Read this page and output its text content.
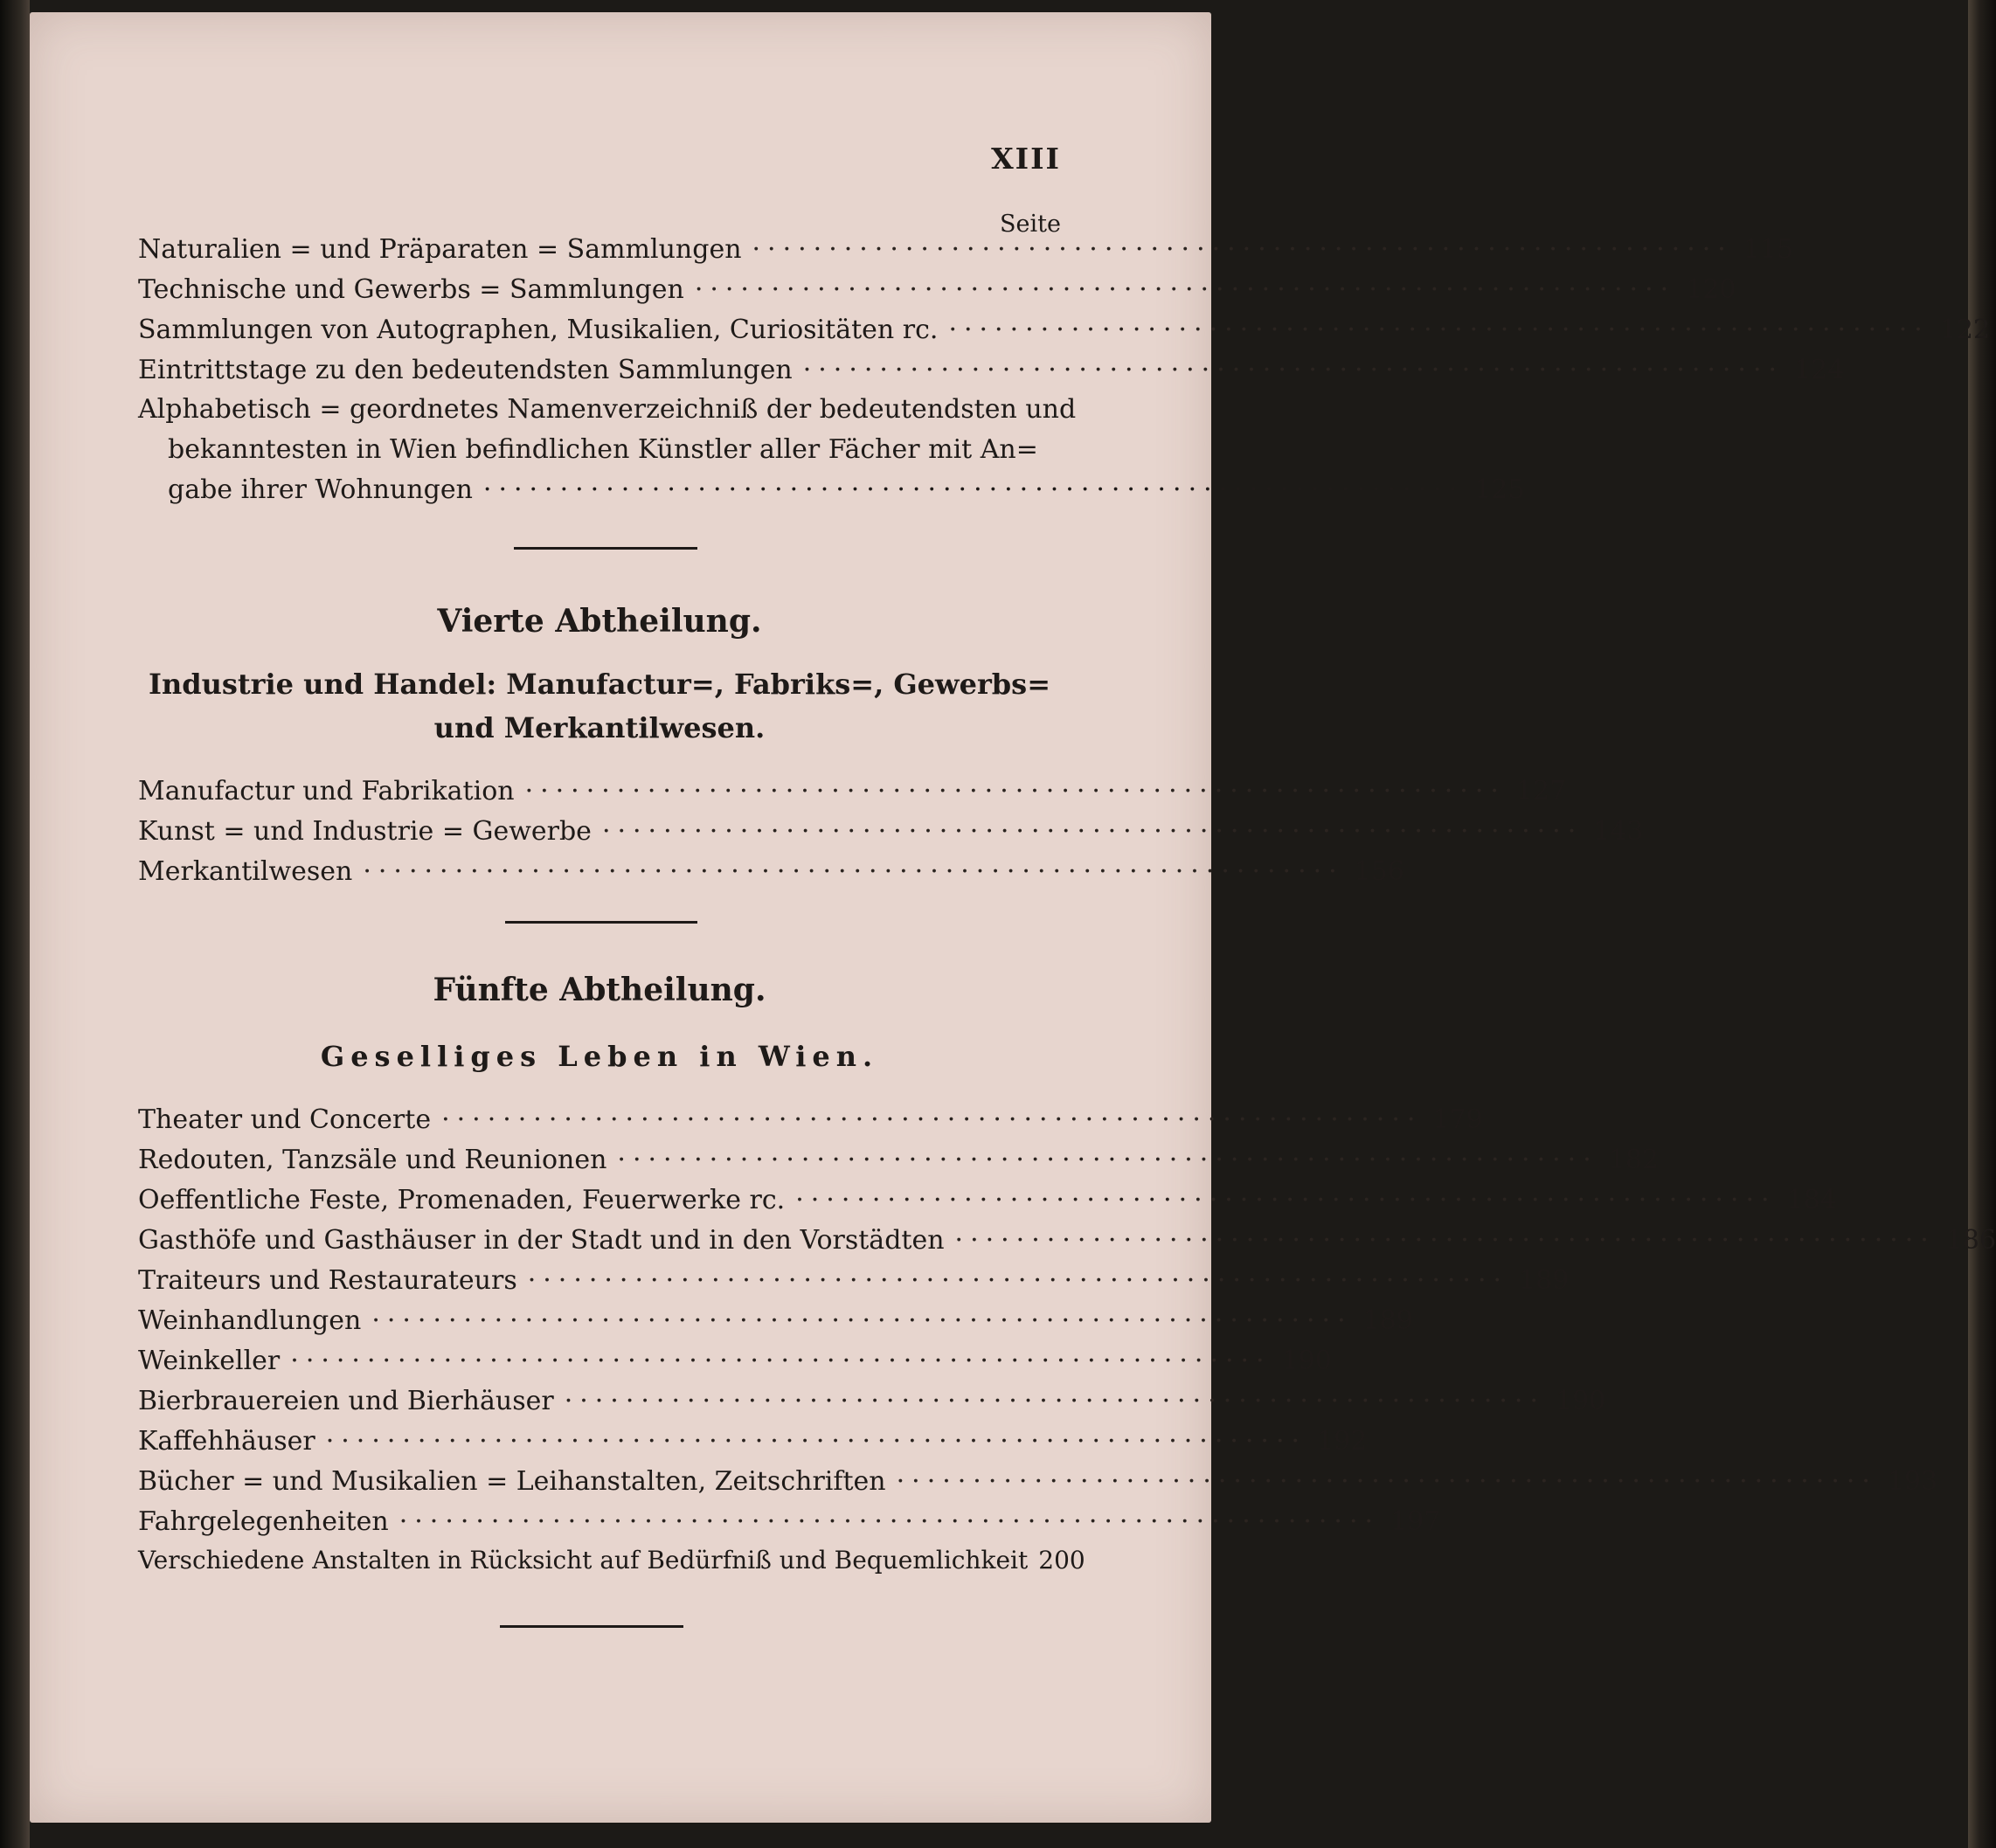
XIII
Seite
Naturalien = und Präparaten = Sammlungen ································································ 115
Technische und Gewerbs = Sammlungen ································································ 120
Sammlungen von Autographen, Musikalien, Curiositäten rc. ································································ 122
Eintrittstage zu den bedeutendsten Sammlungen ································································ 124
Alphabetisch = geordnetes Namenverzeichniß der bedeutendsten und
bekanntesten in Wien befindlichen Künstler aller Fächer mit An=
gabe ihrer Wohnungen ································································ 125
Vierte Abtheilung.
Industrie und Handel: Manufactur=, Fabriks=, Gewerbs=
und Merkantilwesen.
Manufactur und Fabrikation ································································ 127
Kunst = und Industrie = Gewerbe ································································ 143
Merkantilwesen ································································ 156
Fünfte Abtheilung.
Geselliges Leben in Wien.
Theater und Concerte ································································ 179
Redouten, Tanzsäle und Reunionen ································································ 182
Oeffentliche Feste, Promenaden, Feuerwerke rc. ································································ 184
Gasthöfe und Gasthäuser in der Stadt und in den Vorstädten ································································ 186
Traiteurs und Restaurateurs ································································ 189
Weinhandlungen ································································ 189
Weinkeller ································································ 190
Bierbrauereien und Bierhäuser ································································ 190
Kaffehhäuser ································································ 192
Bücher = und Musikalien = Leihanstalten, Zeitschriften ································································ 193
Fahrgelegenheiten ································································ 197
Verschiedene Anstalten in Rücksicht auf Bedürfniß und Bequemlichkeit 200
